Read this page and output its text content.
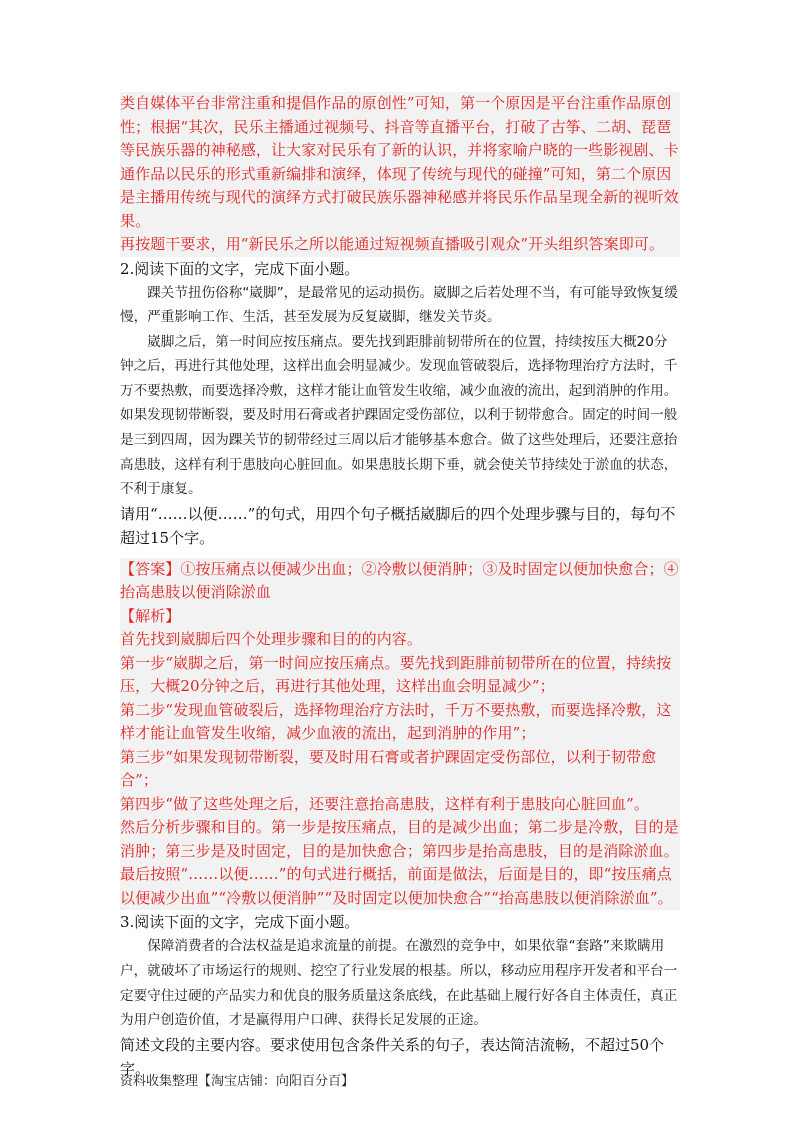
类自媒体平台非常注重和提倡作品的原创性”可知，第一个原因是平台注重作品原创性；根据“其次，民乐主播通过视频号、抖音等直播平台，打破了古筝、二胡、琵琶等民族乐器的神秘感，让大家对民乐有了新的认识，并将家喻户晓的一些影视剧、卡通作品以民乐的形式重新编排和演绎，体现了传统与现代的碰撞”可知，第二个原因是主播用传统与现代的演绎方式打破民族乐器神秘感并将民乐作品呈现全新的视听效果。

再按题干要求，用“新民乐之所以能通过短视频直播吸引观众”开头组织答案即可。

2.阅读下面的文字，完成下面小题。

踝关节扭伤俗称“崴脚”，是最常见的运动损伤。崴脚之后若处理不当，有可能导致恢复缓慢，严重影响工作、生活，甚至发展为反复崴脚，继发关节炎。

崴脚之后，第一时间应按压痛点。要先找到距腓前韧带所在的位置，持续按压大概20分钟之后，再进行其他处理，这样出血会明显减少。发现血管破裂后，选择物理治疗方法时，千万不要热敷，而要选择冷敷，这样才能让血管发生收缩，减少血液的流出，起到消肿的作用。如果发现韧带断裂，要及时用石膏或者护踝固定受伤部位，以利于韧带愈合。固定的时间一般是三到四周，因为踝关节的韧带经过三周以后才能够基本愈合。做了这些处理后，还要注意抬高患肢，这样有利于患肢向心脏回血。如果患肢长期下垂，就会使关节持续处于淤血的状态，不利于康复。

请用“……以便……”的句式，用四个句子概括崴脚后的四个处理步骤与目的，每句不超过15个字。

【答案】①按压痛点以便减少出血；②冷敷以便消肿；③及时固定以便加快愈合；④抬高患肢以便消除淤血

【解析】

首先找到崴脚后四个处理步骤和目的的内容。

第一步“崴脚之后，第一时间应按压痛点。要先找到距腓前韧带所在的位置，持续按压，大概20分钟之后，再进行其他处理，这样出血会明显减少”；

第二步“发现血管破裂后，选择物理治疗方法时，千万不要热敷，而要选择冷敷，这样才能让血管发生收缩，减少血液的流出，起到消肿的作用”；

第三步“如果发现韧带断裂，要及时用石膏或者护踝固定受伤部位，以利于韧带愈合”；

第四步“做了这些处理之后，还要注意抬高患肢，这样有利于患肢向心脏回血”。

然后分析步骤和目的。第一步是按压痛点，目的是减少出血；第二步是冷敷，目的是消肿；第三步是及时固定，目的是加快愈合；第四步是抬高患肢，目的是消除淤血。最后按照“……以便……”的句式进行概括，前面是做法，后面是目的，即“按压痛点以便减少出血”“冷敷以便消肿”“及时固定以便加快愈合”“抬高患肢以便消除淤血”。

3.阅读下面的文字，完成下面小题。

保障消费者的合法权益是追求流量的前提。在激烈的竞争中，如果依靠“套路”来欺瞒用户，就破坏了市场运行的规则、挖空了行业发展的根基。所以，移动应用程序开发者和平台一定要守住过硬的产品实力和优良的服务质量这条底线，在此基础上履行好各自主体责任，真正为用户创造价值，才是赢得用户口碑、获得长足发展的正途。

简述文段的主要内容。要求使用包含条件关系的句子，表达简洁流畅，不超过50个字。

资料收集整理【淘宝店铺：向阳百分百】
